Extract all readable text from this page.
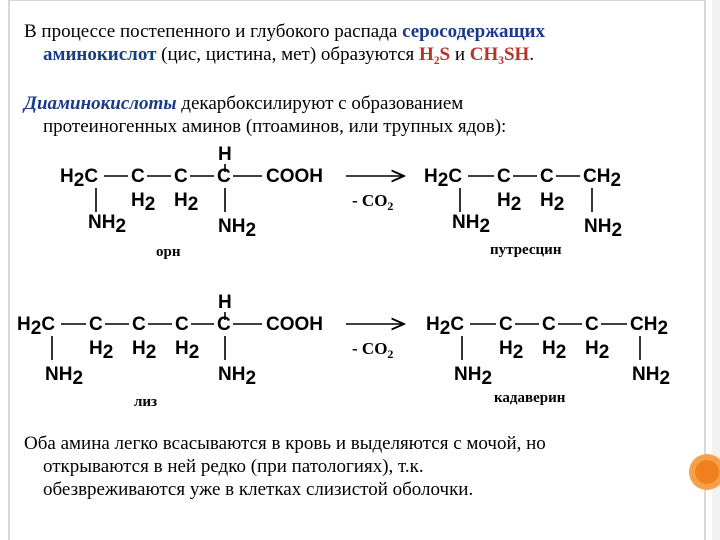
В процессе постепенного и глубокого распада серосодержащих
аминокислот (цис, цистина, мет) образуются H₂S и CH₃SH.
Диаминокислоты декарбоксилируют с образованием
протеиногенных аминов (птоаминов, или трупных ядов):
H
H2C C C C COOH
H2 H2
NH2	NH2
орн
- $CO_2$
H2C C C CH2
H2 H2
NH2	NH2
путресцин
H
H2C C C C C COOH
H2 H2 H2
NH2	NH2
лиз
- $CO_2$
H2C C C C CH2
H2 H2 H2
NH2	NH2
кадаверин
Оба амина легко всасываются в кровь и выделяются с мочой, но
открываются в ней редко (при патологиях), т.к.
обезвреживаются уже в клетках слизистой оболочки.
